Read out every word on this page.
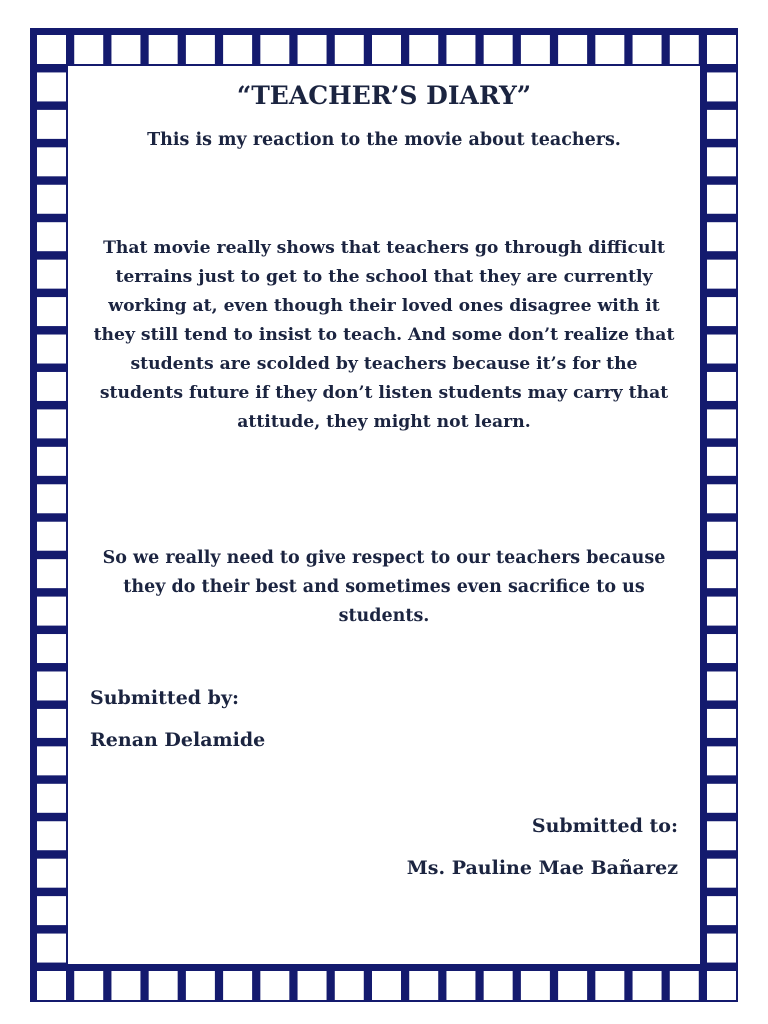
“TEACHER’S DIARY”

This is my reaction to the movie about teachers.

That movie really shows that teachers go through difficult terrains just to get to the school that they are currently working at, even though their loved ones disagree with it they still tend to insist to teach. And some don’t realize that students are scolded by teachers because it’s for the students future if they don’t listen students may carry that attitude, they might not learn.

So we really need to give respect to our teachers because they do their best and sometimes even sacrifice to us students.

Submitted by:
Renan Delamide
Submitted to:
Ms. Pauline Mae Bañarez
